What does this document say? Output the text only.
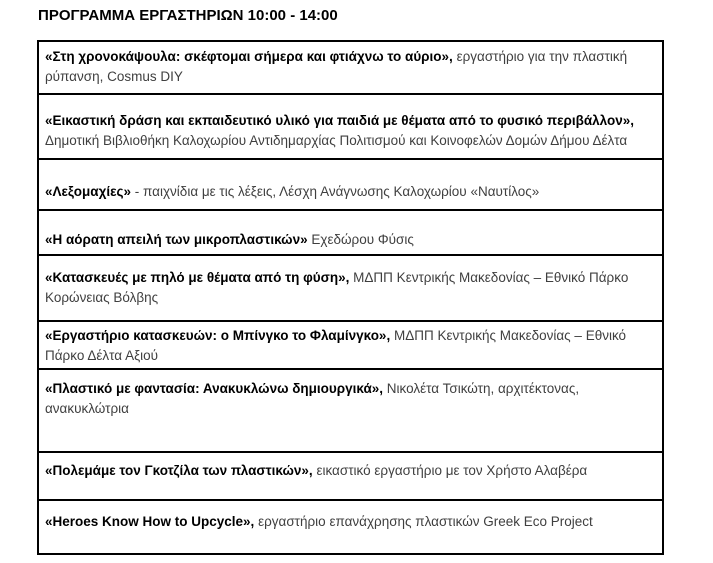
ΠΡΟΓΡΑΜΜΑ ΕΡΓΑΣΤΗΡΙΩΝ 10:00 - 14:00
«Στη χρονοκάψουλα: σκέφτομαι σήμερα και φτιάχνω το αύριο», εργαστήριο για την πλαστική ρύπανση, Cosmus DIY
«Εικαστική δράση και εκπαιδευτικό υλικό για παιδιά με θέματα από το φυσικό περιβάλλον», Δημοτική Βιβλιοθήκη Καλοχωρίου Αντιδημαρχίας Πολιτισμού και Κοινοφελών Δομών Δήμου Δέλτα
«Λεξομαχίες» - παιχνίδια με τις λέξεις, Λέσχη Ανάγνωσης Καλοχωρίου «Ναυτίλος»
«Η αόρατη απειλή των μικροπλαστικών» Εχεδώρου Φύσις
«Κατασκευές με πηλό με θέματα από τη φύση», ΜΔΠΠ Κεντρικής Μακεδονίας – Εθνικό Πάρκο Κορώνειας Βόλβης
«Εργαστήριο κατασκευών: ο Μπίνγκο το Φλαμίνγκο», ΜΔΠΠ Κεντρικής Μακεδονίας – Εθνικό Πάρκο Δέλτα Αξιού
«Πλαστικό με φαντασία: Ανακυκλώνω δημιουργικά», Νικολέτα Τσικώτη, αρχιτέκτονας, ανακυκλώτρια
«Πολεμάμε τον Γκοτζίλα των πλαστικών», εικαστικό εργαστήριο με τον Χρήστο Αλαβέρα
«Heroes Know How to Upcycle», εργαστήριο επανάχρησης πλαστικών Greek Eco Project
